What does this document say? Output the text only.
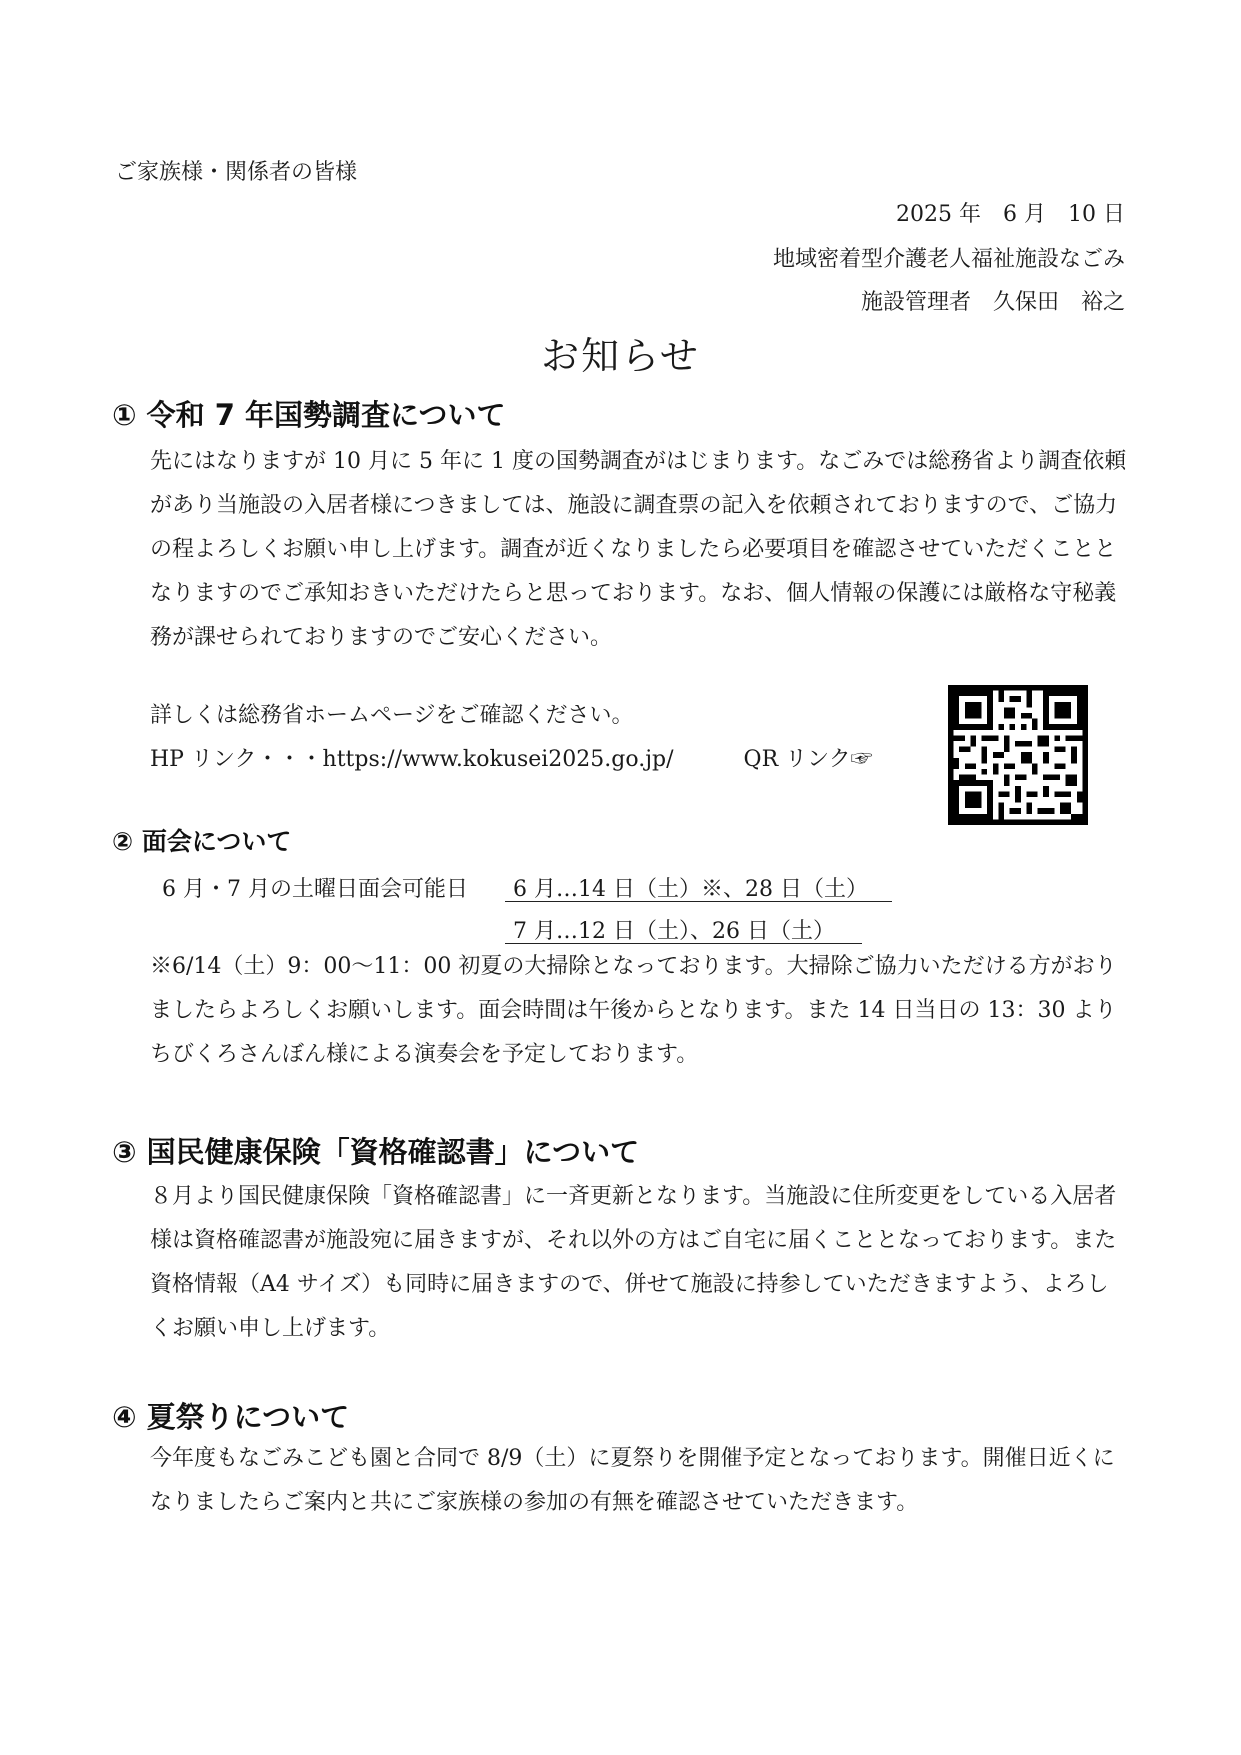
ご家族様・関係者の皆様
2025 年　6 月　10 日
地域密着型介護老人福祉施設なごみ
施設管理者　久保田　裕之
お知らせ
① 令和 7 年国勢調査について

先にはなりますが 10 月に 5 年に 1 度の国勢調査がはじまります。なごみでは総務省より調査依頼があり当施設の入居者様につきましては、施設に調査票の記入を依頼されておりますので、ご協力の程よろしくお願い申し上げます。調査が近くなりましたら必要項目を確認させていただくこととなりますのでご承知おきいただけたらと思っております。なお、個人情報の保護には厳格な守秘義務が課せられておりますのでご安心ください。

詳しくは総務省ホームページをご確認ください。
HP リンク・・・https://www.kokusei2025.go.jp/	QR リンク☞
② 面会について
6 月・7 月の土曜日面会可能日 6 月…14 日（土）※、28 日（土）
7 月…12 日（土）、26 日（土）

※6/14（土）9：00〜11：00 初夏の大掃除となっております。大掃除ご協力いただける方がおりましたらよろしくお願いします。面会時間は午後からとなります。また 14 日当日の 13：30 よりちびくろさんぼん様による演奏会を予定しております。

③ 国民健康保険「資格確認書」について

８月より国民健康保険「資格確認書」に一斉更新となります。当施設に住所変更をしている入居者様は資格確認書が施設宛に届きますが、それ以外の方はご自宅に届くこととなっております。また資格情報（A4 サイズ）も同時に届きますので、併せて施設に持参していただきますよう、よろしくお願い申し上げます。

④ 夏祭りについて

今年度もなごみこども園と合同で 8/9（土）に夏祭りを開催予定となっております。開催日近くになりましたらご案内と共にご家族様の参加の有無を確認させていただきます。
